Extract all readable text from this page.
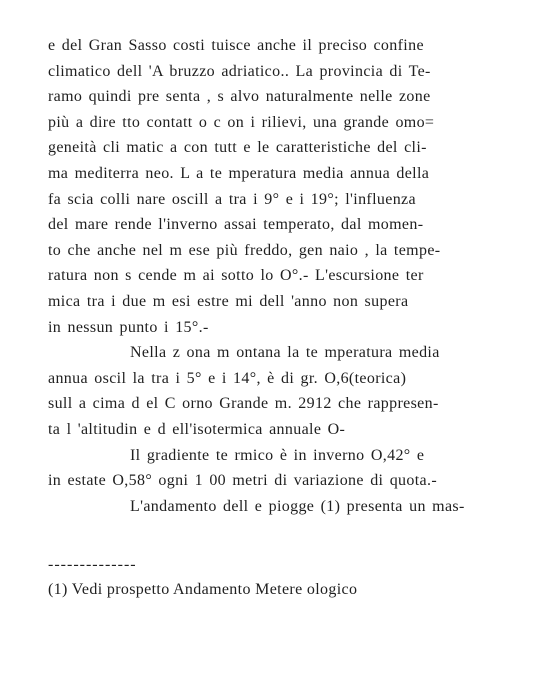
e del Gran Sasso costi tuisce anche il preciso confine
climatico dell 'A bruzzo adriatico.. La provincia di Te-
ramo quindi pre senta , s alvo naturalmente nelle zone
più a dire tto contatt o c on i rilievi, una grande omo=
geneità cli matic a con tutt e le caratteristiche del cli-
ma mediterra neo. L a te mperatura media annua della
fa scia colli nare oscill a tra i 9° e i 19°; l'influenza
del mare rende l'inverno assai temperato, dal momen-
to che anche nel m ese più freddo, gen naio , la tempe-
ratura non s cende m ai sotto lo O°.- L'escursione ter
mica tra i due m esi estre mi dell 'anno non supera
in nessun punto i 15°.-
Nella z ona m ontana la te mperatura media
annua oscil la tra i 5° e i 14°, è di gr. O,6(teorica)
sull a cima d el C orno Grande m. 2912 che rappresen-
ta l 'altitudin e d ell'isotermica annuale O-
Il gradiente te rmico è in inverno O,42° e
in estate O,58° ogni 1 00 metri di variazione di quota.-
L'andamento dell e piogge (1) presenta un mas-
--------------
(1) Vedi prospetto Andamento Metere ologico
